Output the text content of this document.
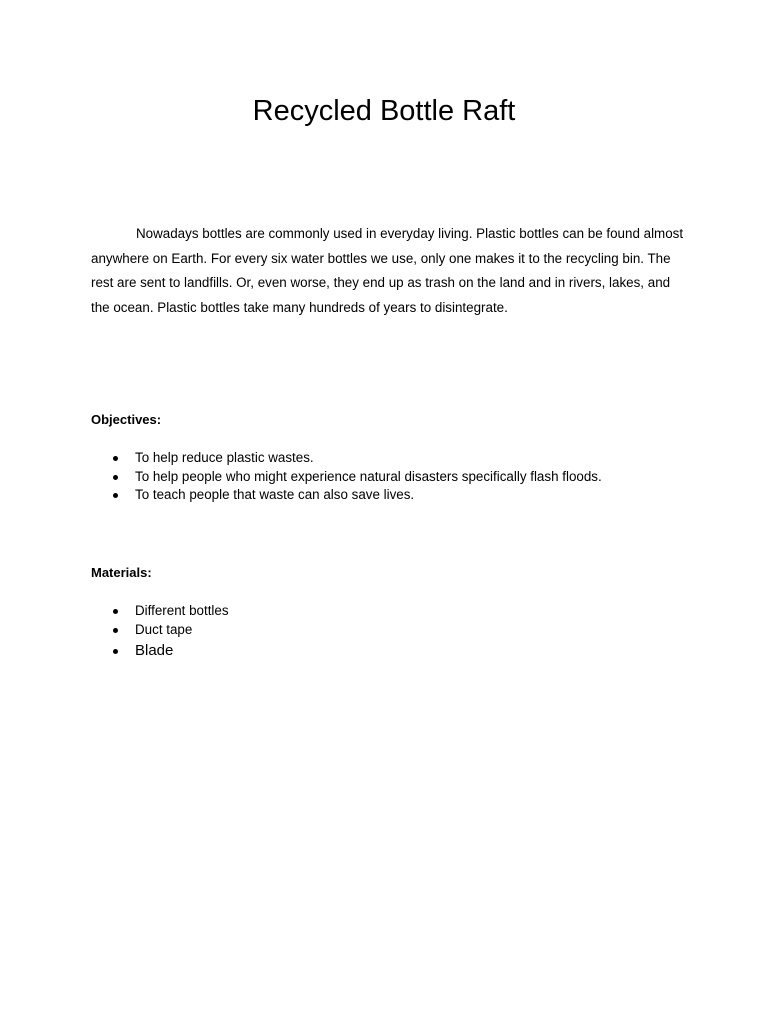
Recycled Bottle Raft

Nowadays bottles are commonly used in everyday living. Plastic bottles can be found almost anywhere on Earth. For every six water bottles we use, only one makes it to the recycling bin. The rest are sent to landfills. Or, even worse, they end up as trash on the land and in rivers, lakes, and the ocean. Plastic bottles take many hundreds of years to disintegrate.

Objectives:

To help reduce plastic wastes.
To help people who might experience natural disasters specifically flash floods.
To teach people that waste can also save lives.

Materials:

Different bottles
Duct tape
Blade
